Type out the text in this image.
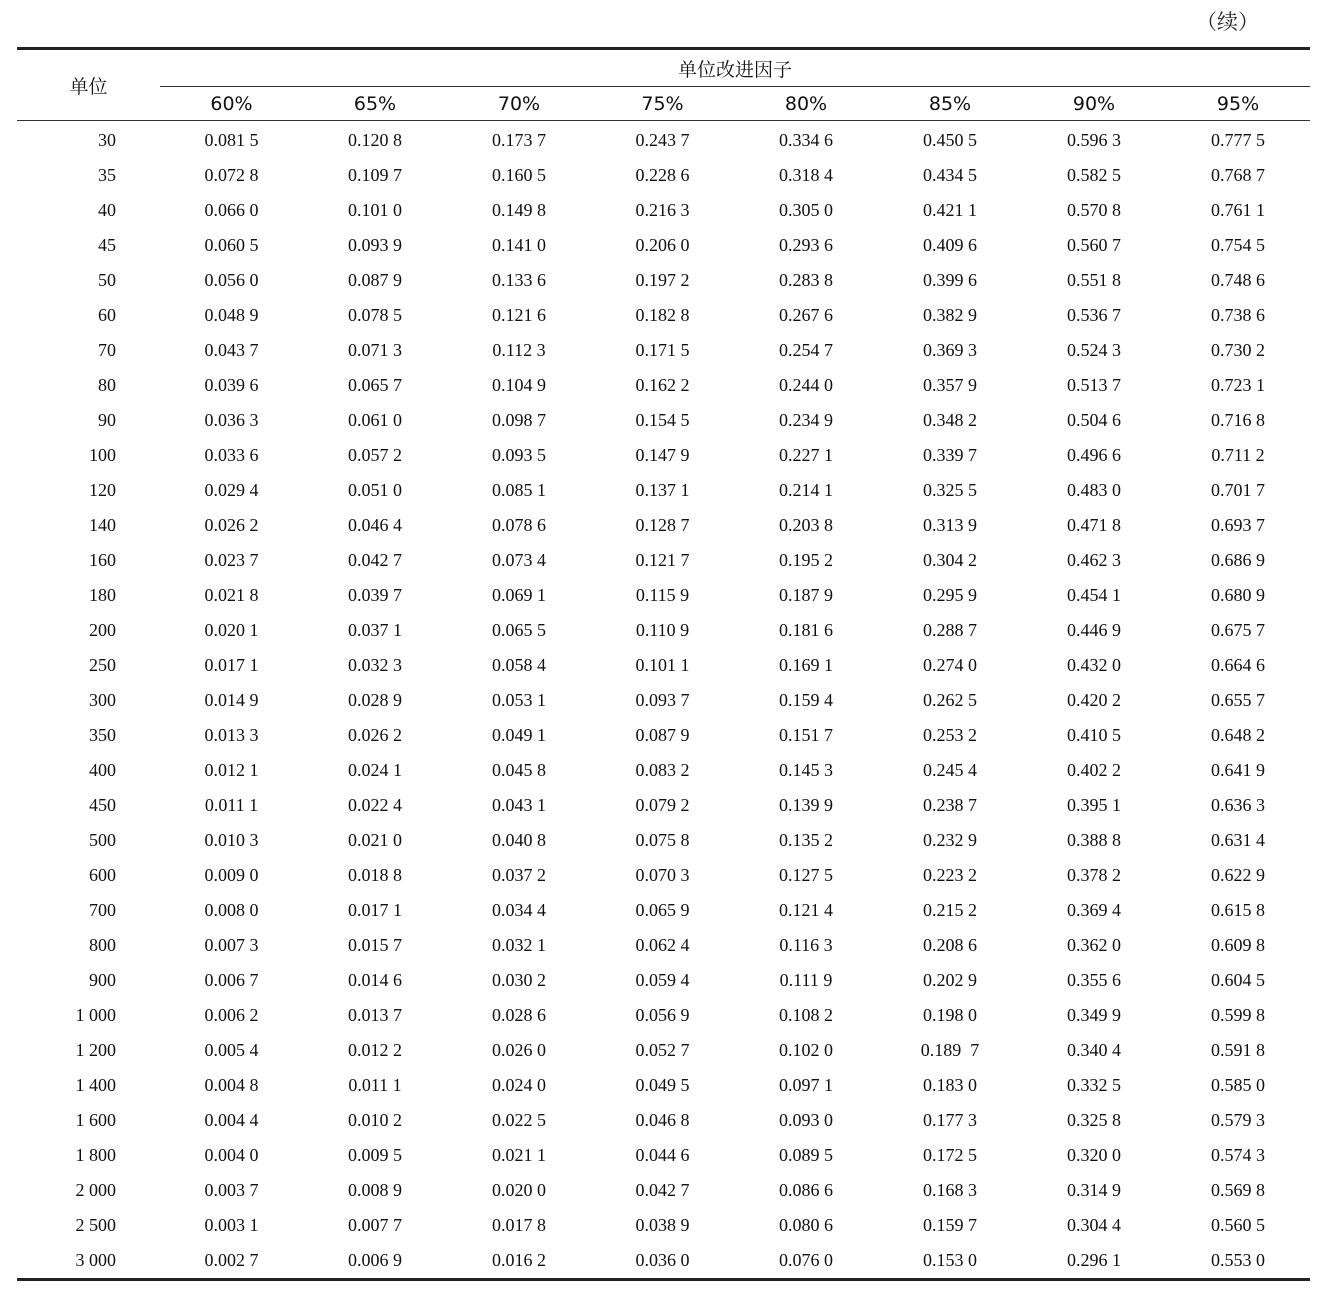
（续）
单位	单位改进因子							
	60%	65%	70%	75%	80%	85%	90%	95%
30	0.081 5	0.120 8	0.173 7	0.243 7	0.334 6	0.450 5	0.596 3	0.777 5
35	0.072 8	0.109 7	0.160 5	0.228 6	0.318 4	0.434 5	0.582 5	0.768 7
40	0.066 0	0.101 0	0.149 8	0.216 3	0.305 0	0.421 1	0.570 8	0.761 1
45	0.060 5	0.093 9	0.141 0	0.206 0	0.293 6	0.409 6	0.560 7	0.754 5
50	0.056 0	0.087 9	0.133 6	0.197 2	0.283 8	0.399 6	0.551 8	0.748 6
60	0.048 9	0.078 5	0.121 6	0.182 8	0.267 6	0.382 9	0.536 7	0.738 6
70	0.043 7	0.071 3	0.112 3	0.171 5	0.254 7	0.369 3	0.524 3	0.730 2
80	0.039 6	0.065 7	0.104 9	0.162 2	0.244 0	0.357 9	0.513 7	0.723 1
90	0.036 3	0.061 0	0.098 7	0.154 5	0.234 9	0.348 2	0.504 6	0.716 8
100	0.033 6	0.057 2	0.093 5	0.147 9	0.227 1	0.339 7	0.496 6	0.711 2
120	0.029 4	0.051 0	0.085 1	0.137 1	0.214 1	0.325 5	0.483 0	0.701 7
140	0.026 2	0.046 4	0.078 6	0.128 7	0.203 8	0.313 9	0.471 8	0.693 7
160	0.023 7	0.042 7	0.073 4	0.121 7	0.195 2	0.304 2	0.462 3	0.686 9
180	0.021 8	0.039 7	0.069 1	0.115 9	0.187 9	0.295 9	0.454 1	0.680 9
200	0.020 1	0.037 1	0.065 5	0.110 9	0.181 6	0.288 7	0.446 9	0.675 7
250	0.017 1	0.032 3	0.058 4	0.101 1	0.169 1	0.274 0	0.432 0	0.664 6
300	0.014 9	0.028 9	0.053 1	0.093 7	0.159 4	0.262 5	0.420 2	0.655 7
350	0.013 3	0.026 2	0.049 1	0.087 9	0.151 7	0.253 2	0.410 5	0.648 2
400	0.012 1	0.024 1	0.045 8	0.083 2	0.145 3	0.245 4	0.402 2	0.641 9
450	0.011 1	0.022 4	0.043 1	0.079 2	0.139 9	0.238 7	0.395 1	0.636 3
500	0.010 3	0.021 0	0.040 8	0.075 8	0.135 2	0.232 9	0.388 8	0.631 4
600	0.009 0	0.018 8	0.037 2	0.070 3	0.127 5	0.223 2	0.378 2	0.622 9
700	0.008 0	0.017 1	0.034 4	0.065 9	0.121 4	0.215 2	0.369 4	0.615 8
800	0.007 3	0.015 7	0.032 1	0.062 4	0.116 3	0.208 6	0.362 0	0.609 8
900	0.006 7	0.014 6	0.030 2	0.059 4	0.111 9	0.202 9	0.355 6	0.604 5
1 000	0.006 2	0.013 7	0.028 6	0.056 9	0.108 2	0.198 0	0.349 9	0.599 8
1 200	0.005 4	0.012 2	0.026 0	0.052 7	0.102 0	0.189  7	0.340 4	0.591 8
1 400	0.004 8	0.011 1	0.024 0	0.049 5	0.097 1	0.183 0	0.332 5	0.585 0
1 600	0.004 4	0.010 2	0.022 5	0.046 8	0.093 0	0.177 3	0.325 8	0.579 3
1 800	0.004 0	0.009 5	0.021 1	0.044 6	0.089 5	0.172 5	0.320 0	0.574 3
2 000	0.003 7	0.008 9	0.020 0	0.042 7	0.086 6	0.168 3	0.314 9	0.569 8
2 500	0.003 1	0.007 7	0.017 8	0.038 9	0.080 6	0.159 7	0.304 4	0.560 5
3 000	0.002 7	0.006 9	0.016 2	0.036 0	0.076 0	0.153 0	0.296 1	0.553 0
